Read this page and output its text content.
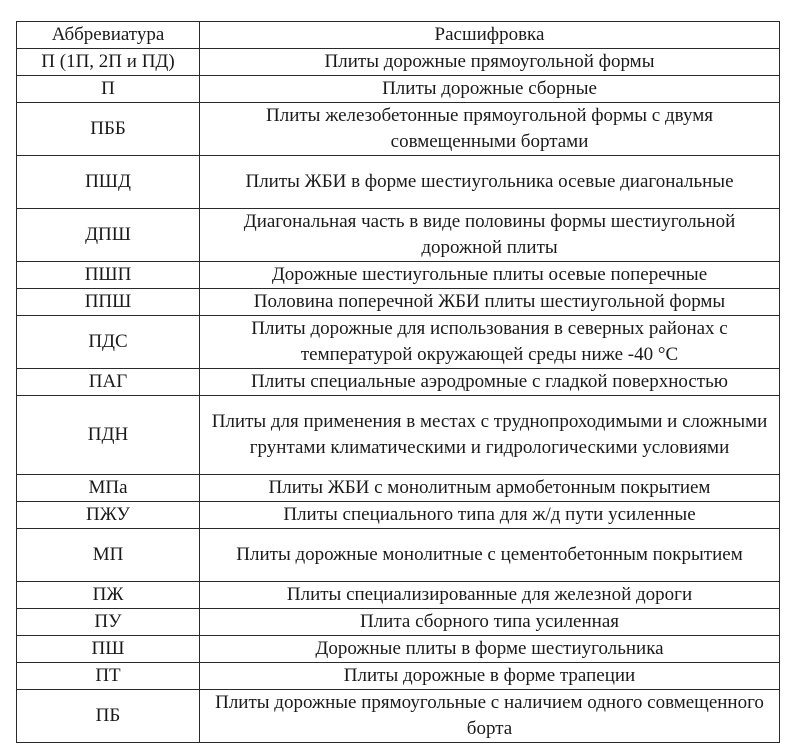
Аббревиатура	Расшифровка
П (1П, 2П и ПД)	Плиты дорожные прямоугольной формы
П	Плиты дорожные сборные
ПББ	Плиты железобетонные прямоугольной формы с двумя совмещенными бортами
ПШД	Плиты ЖБИ в форме шестиугольника осевые диагональные
ДПШ	Диагональная часть в виде половины формы шестиугольной дорожной плиты
ПШП	Дорожные шестиугольные плиты осевые поперечные
ППШ	Половина поперечной ЖБИ плиты шестиугольной формы
ПДС	Плиты дорожные для использования в северных районах с температурой окружающей среды ниже -40 °С
ПАГ	Плиты специальные аэродромные с гладкой поверхностью
ПДН	Плиты для применения в местах с труднопроходимыми и сложными грунтами климатическими и гидрологическими условиями
МПа	Плиты ЖБИ с монолитным армобетонным покрытием
ПЖУ	Плиты специального типа для ж/д пути усиленные
МП	Плиты дорожные монолитные с цементобетонным покрытием
ПЖ	Плиты специализированные для железной дороги
ПУ	Плита сборного типа усиленная
ПШ	Дорожные плиты в форме шестиугольника
ПТ	Плиты дорожные в форме трапеции
ПБ	Плиты дорожные прямоугольные с наличием одного совмещенного борта
